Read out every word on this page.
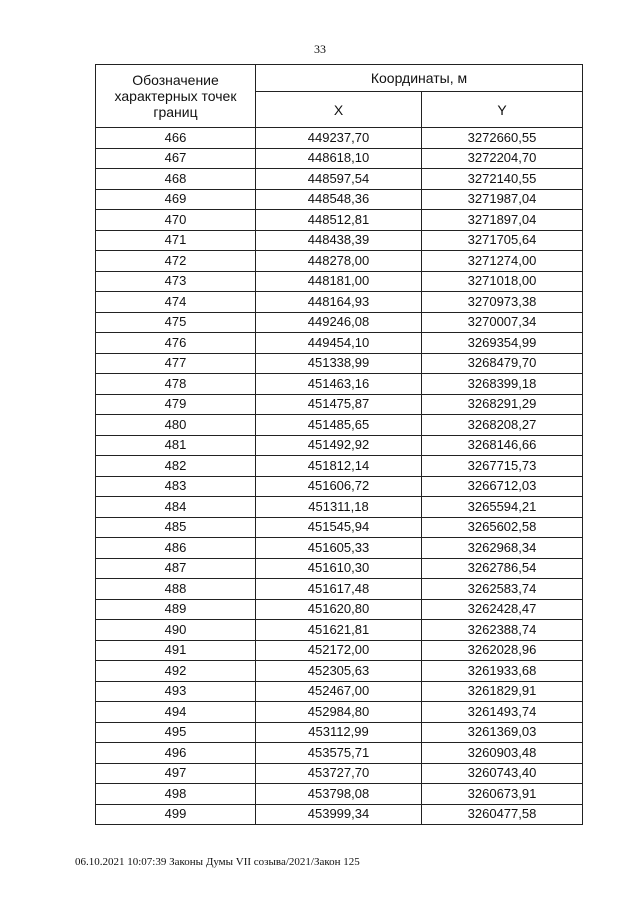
33
Обозначение характерных точек границ	Координаты, м	
	X	Y
466	449237,70	3272660,55
467	448618,10	3272204,70
468	448597,54	3272140,55
469	448548,36	3271987,04
470	448512,81	3271897,04
471	448438,39	3271705,64
472	448278,00	3271274,00
473	448181,00	3271018,00
474	448164,93	3270973,38
475	449246,08	3270007,34
476	449454,10	3269354,99
477	451338,99	3268479,70
478	451463,16	3268399,18
479	451475,87	3268291,29
480	451485,65	3268208,27
481	451492,92	3268146,66
482	451812,14	3267715,73
483	451606,72	3266712,03
484	451311,18	3265594,21
485	451545,94	3265602,58
486	451605,33	3262968,34
487	451610,30	3262786,54
488	451617,48	3262583,74
489	451620,80	3262428,47
490	451621,81	3262388,74
491	452172,00	3262028,96
492	452305,63	3261933,68
493	452467,00	3261829,91
494	452984,80	3261493,74
495	453112,99	3261369,03
496	453575,71	3260903,48
497	453727,70	3260743,40
498	453798,08	3260673,91
499	453999,34	3260477,58
06.10.2021 10:07:39 Законы Думы VII созыва/2021/Закон 125
